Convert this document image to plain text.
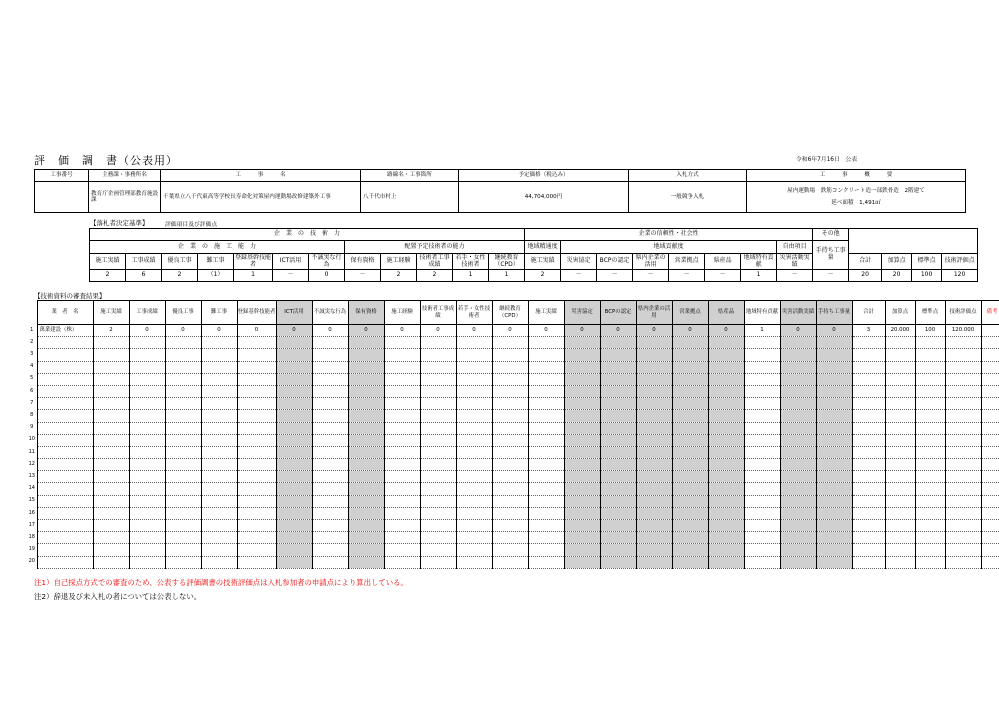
評　価　調　書（公表用）	令和6年7月16日　公表
工事番号	主務課・事務所名	工　　　事　　　名	路線名・工事箇所	予定価格（税込み）	入札方式	工　　　事　　　概　　　要
	教育庁企画管理部教育施設課	千葉県立八千代東高等学校長寿命化対策屋内運動場改修建築外工事	八千代市村上	44,704,000円	一般競争入札	屋内運動場　鉄筋コンクリート造一部鉄骨造　2階建て
延べ面積　1,491㎡
【落札者決定基準】	評価項目及び評価点
企　業　の　技　術　力												企業の信頼性・社会性								その他				
企　業　の　施　工　能　力							配置予定技術者の能力					地域精通度	地域貢献度						自由項目	手持ち工事量				
施工実績	工事成績	優良工事	難工事	登録基幹技能者	ICT活用	不誠実な行為	保有資格	施工経験	技術者工事成績	若手・女性技術者	継続教育（CPD）	施工実績	災害協定	BCPの認定	県内企業の活用	営業拠点	県産品	地域特有貢献	災害活動実績		合計	加算点	標準点	技術評価点
2	6	2	（1）	1	－	0	－	2	2	1	1	2	－	－	－	－	－	1	－	－	20	20	100	120
【技術資料の審査結果】
	業　者　名	施工実績	工事成績	優良工事	難工事	登録基幹技能者	ICT活用	不誠実な行為	保有資格	施工経験	技術者工事成績	若手・女性技術者	継続教育（CPD）	施工実績	災害協定	BCPの認定	県内企業の活用	営業拠点	県産品	地域特有貢献	災害活動実績	手持ち工事量	合計	加算点	標準点	技術評価点	備考
1	萬業建設（株）	2	0	0	0	0	0	0	0	0	0	0	0	0	0	0	0	0	0	1	0	0	3	20.000	100	120.000	
2																											
3																											
4																											
5																											
6																											
7																											
8																											
9																											
10																											
11																											
12																											
13																											
14																											
15																											
16																											
17																											
18																											
19																											
20																											
注1）自己採点方式での審査のため、公表する評価調書の技術評価点は入札参加者の申請点により算出している。
注2）辞退及び未入札の者については公表しない。
